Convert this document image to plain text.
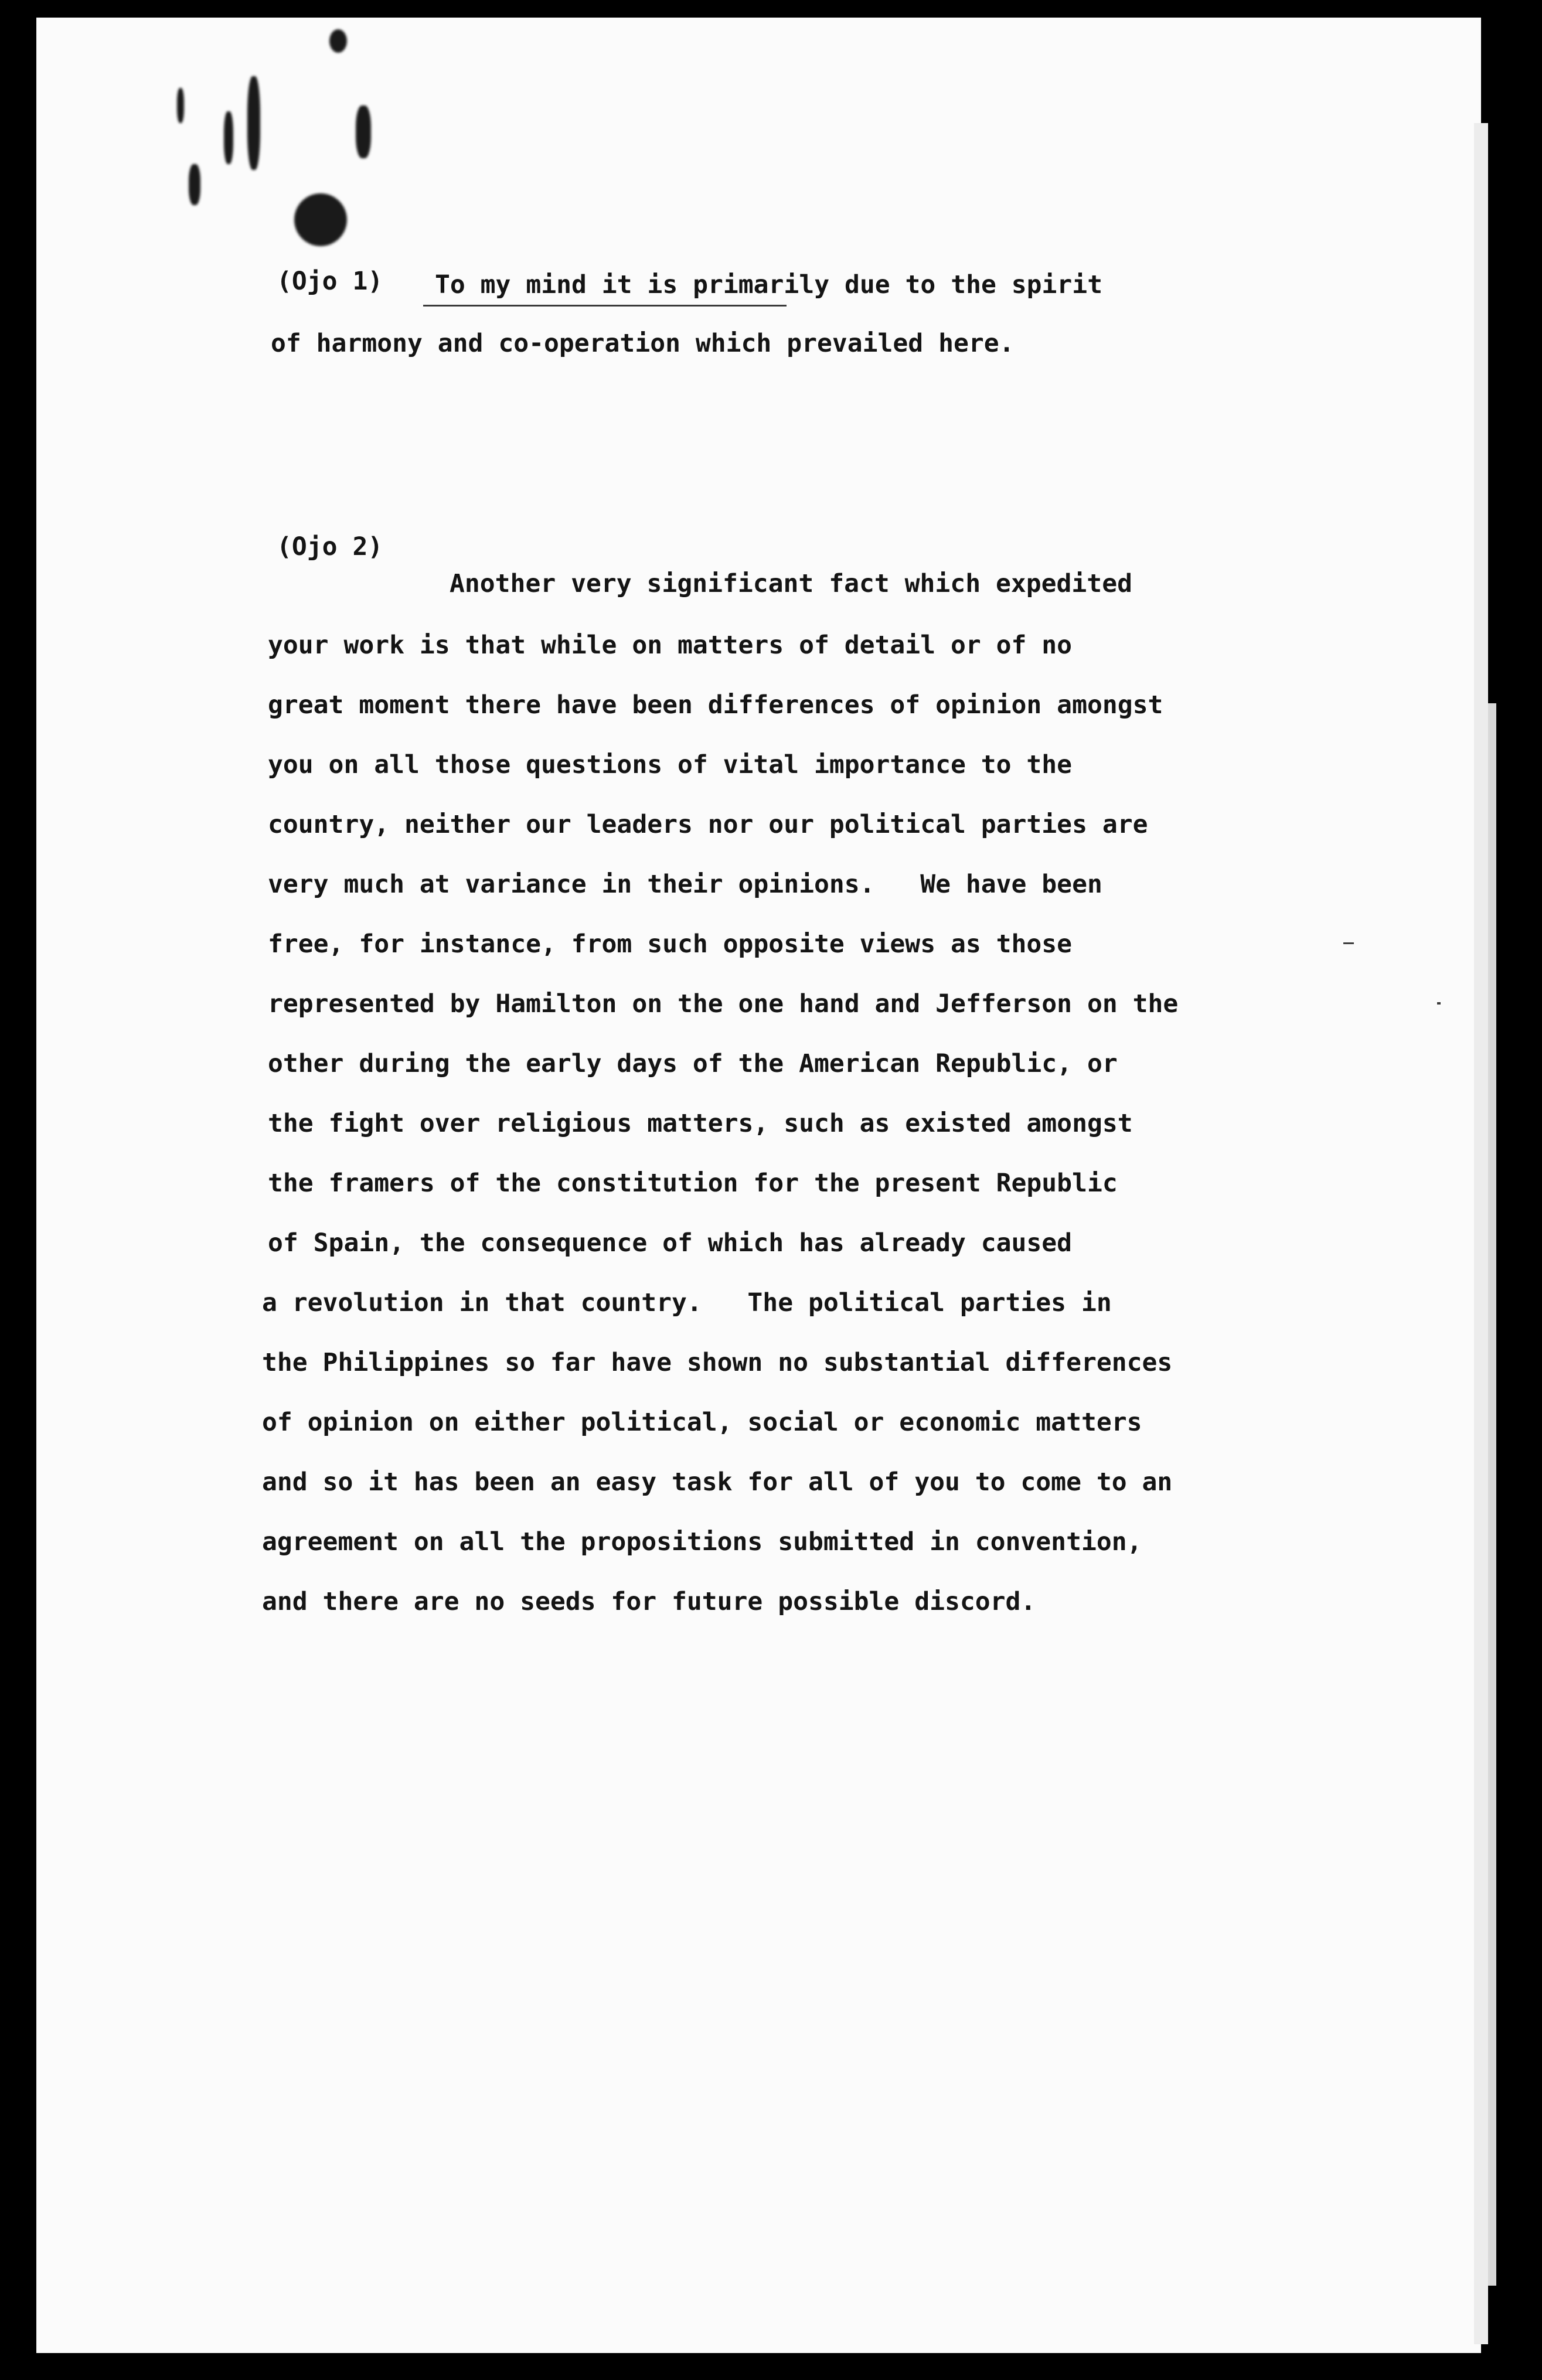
(Ojo 1) To my mind it is primarily due to the spirit
of harmony and co-operation which prevailed here.
(Ojo 2)
Another very significant fact which expedited
your work is that while on matters of detail or of no
great moment there have been differences of opinion amongst
you on all those questions of vital importance to the
country, neither our leaders nor our political parties are
very much at variance in their opinions.   We have been
free, for instance, from such opposite views as those
represented by Hamilton on the one hand and Jefferson on the
other during the early days of the American Republic, or
the fight over religious matters, such as existed amongst
the framers of the constitution for the present Republic
of Spain, the consequence of which has already caused
a revolution in that country.   The political parties in
the Philippines so far have shown no substantial differences
of opinion on either political, social or economic matters
and so it has been an easy task for all of you to come to an
agreement on all the propositions submitted in convention,
and there are no seeds for future possible discord.
